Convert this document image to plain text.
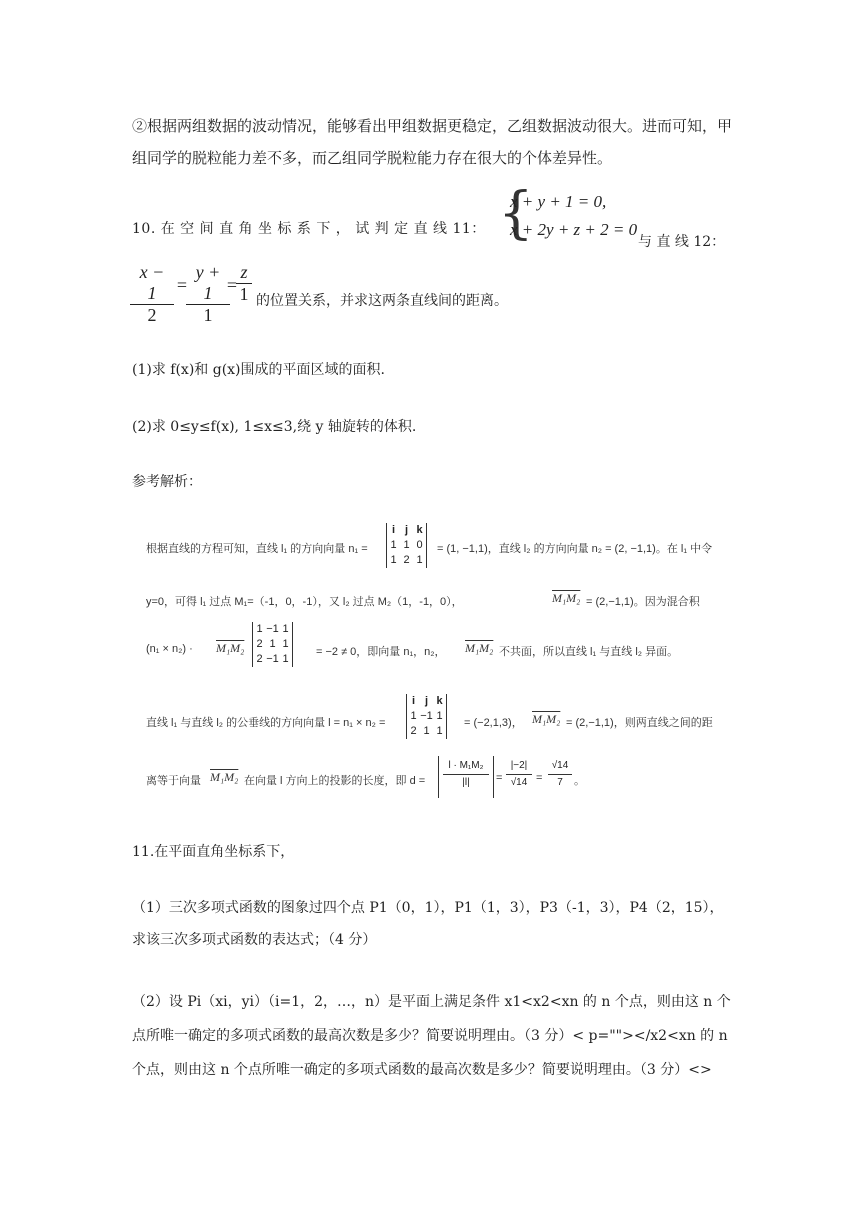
②根据两组数据的波动情况，能够看出甲组数据更稳定，乙组数据波动很大。进而可知，甲组同学的脱粒能力差不多，而乙组同学脱粒能力存在很大的个体差异性。
10. 在 空 间 直 角 坐 标 系 下 ， 试 判 定 直 线 11： {
x + y + 1 = 0,
x + 2y + z + 2 = 0
与 直 线 12：
$\frac{x - 1}{2}$ =
$\frac{y + 1}{1}$
=
$\frac{z}{1}$ 的位置关系，并求这两条直线间的距离。
(1)求 f(x)和 g(x)围成的平面区域的面积.
(2)求 0≤y≤f(x), 1≤x≤3,绕 y 轴旋转的体积.
参考解析：
根据直线的方程可知，直线 l₁ 的方向向量 n₁ =
i	j	k
1	1	0
1	2	1
= (1, −1,1)，直线 l₂ 的方向向量 n₂ = (2, −1,1)。在 l₁ 中令
y=0，可得 l₁ 过点 M₁=（-1，0，-1），又 l₂ 过点 M₂（1，-1，0），	M₁M₂ = (2,−1,1)。因为混合积
(n₁ × n₂) · M₁M₂
1	−1	1
2	1	1
2	−1	1
= −2 ≠ 0，即向量 n₁，n₂， M₁M₂ 不共面，所以直线 l₁ 与直线 l₂ 异面。
直线 l₁ 与直线 l₂ 的公垂线的方向向量 l = n₁ × n₂ =
i	j	k
1	−1	1
2	1	1
= (−2,1,3)， M₁M₂ = (2,−1,1)，则两直线之间的距
离等于向量 M₁M₂ 在向量 l 方向上的投影的长度，即 $d = \frac{\text{l · M₁M₂}}{|l|} = \frac{|-2|}{√14} = \frac{√14}{7}$ 。
11.在平面直角坐标系下，
（1）三次多项式函数的图象过四个点 P1（0，1），P1（1，3），P3（-1，3），P4（2，15），求该三次多项式函数的表达式；（4 分）
（2）设 Pi（xi，yi）（i=1，2，…，n）是平面上满足条件 x1<x2<xn 的 n 个点，则由这 n 个点所唯一确定的多项式函数的最高次数是多少？简要说明理由。（3 分）< p=""></x2<xn 的 n 个点，则由这 n 个点所唯一确定的多项式函数的最高次数是多少？简要说明理由。（3 分）<>
